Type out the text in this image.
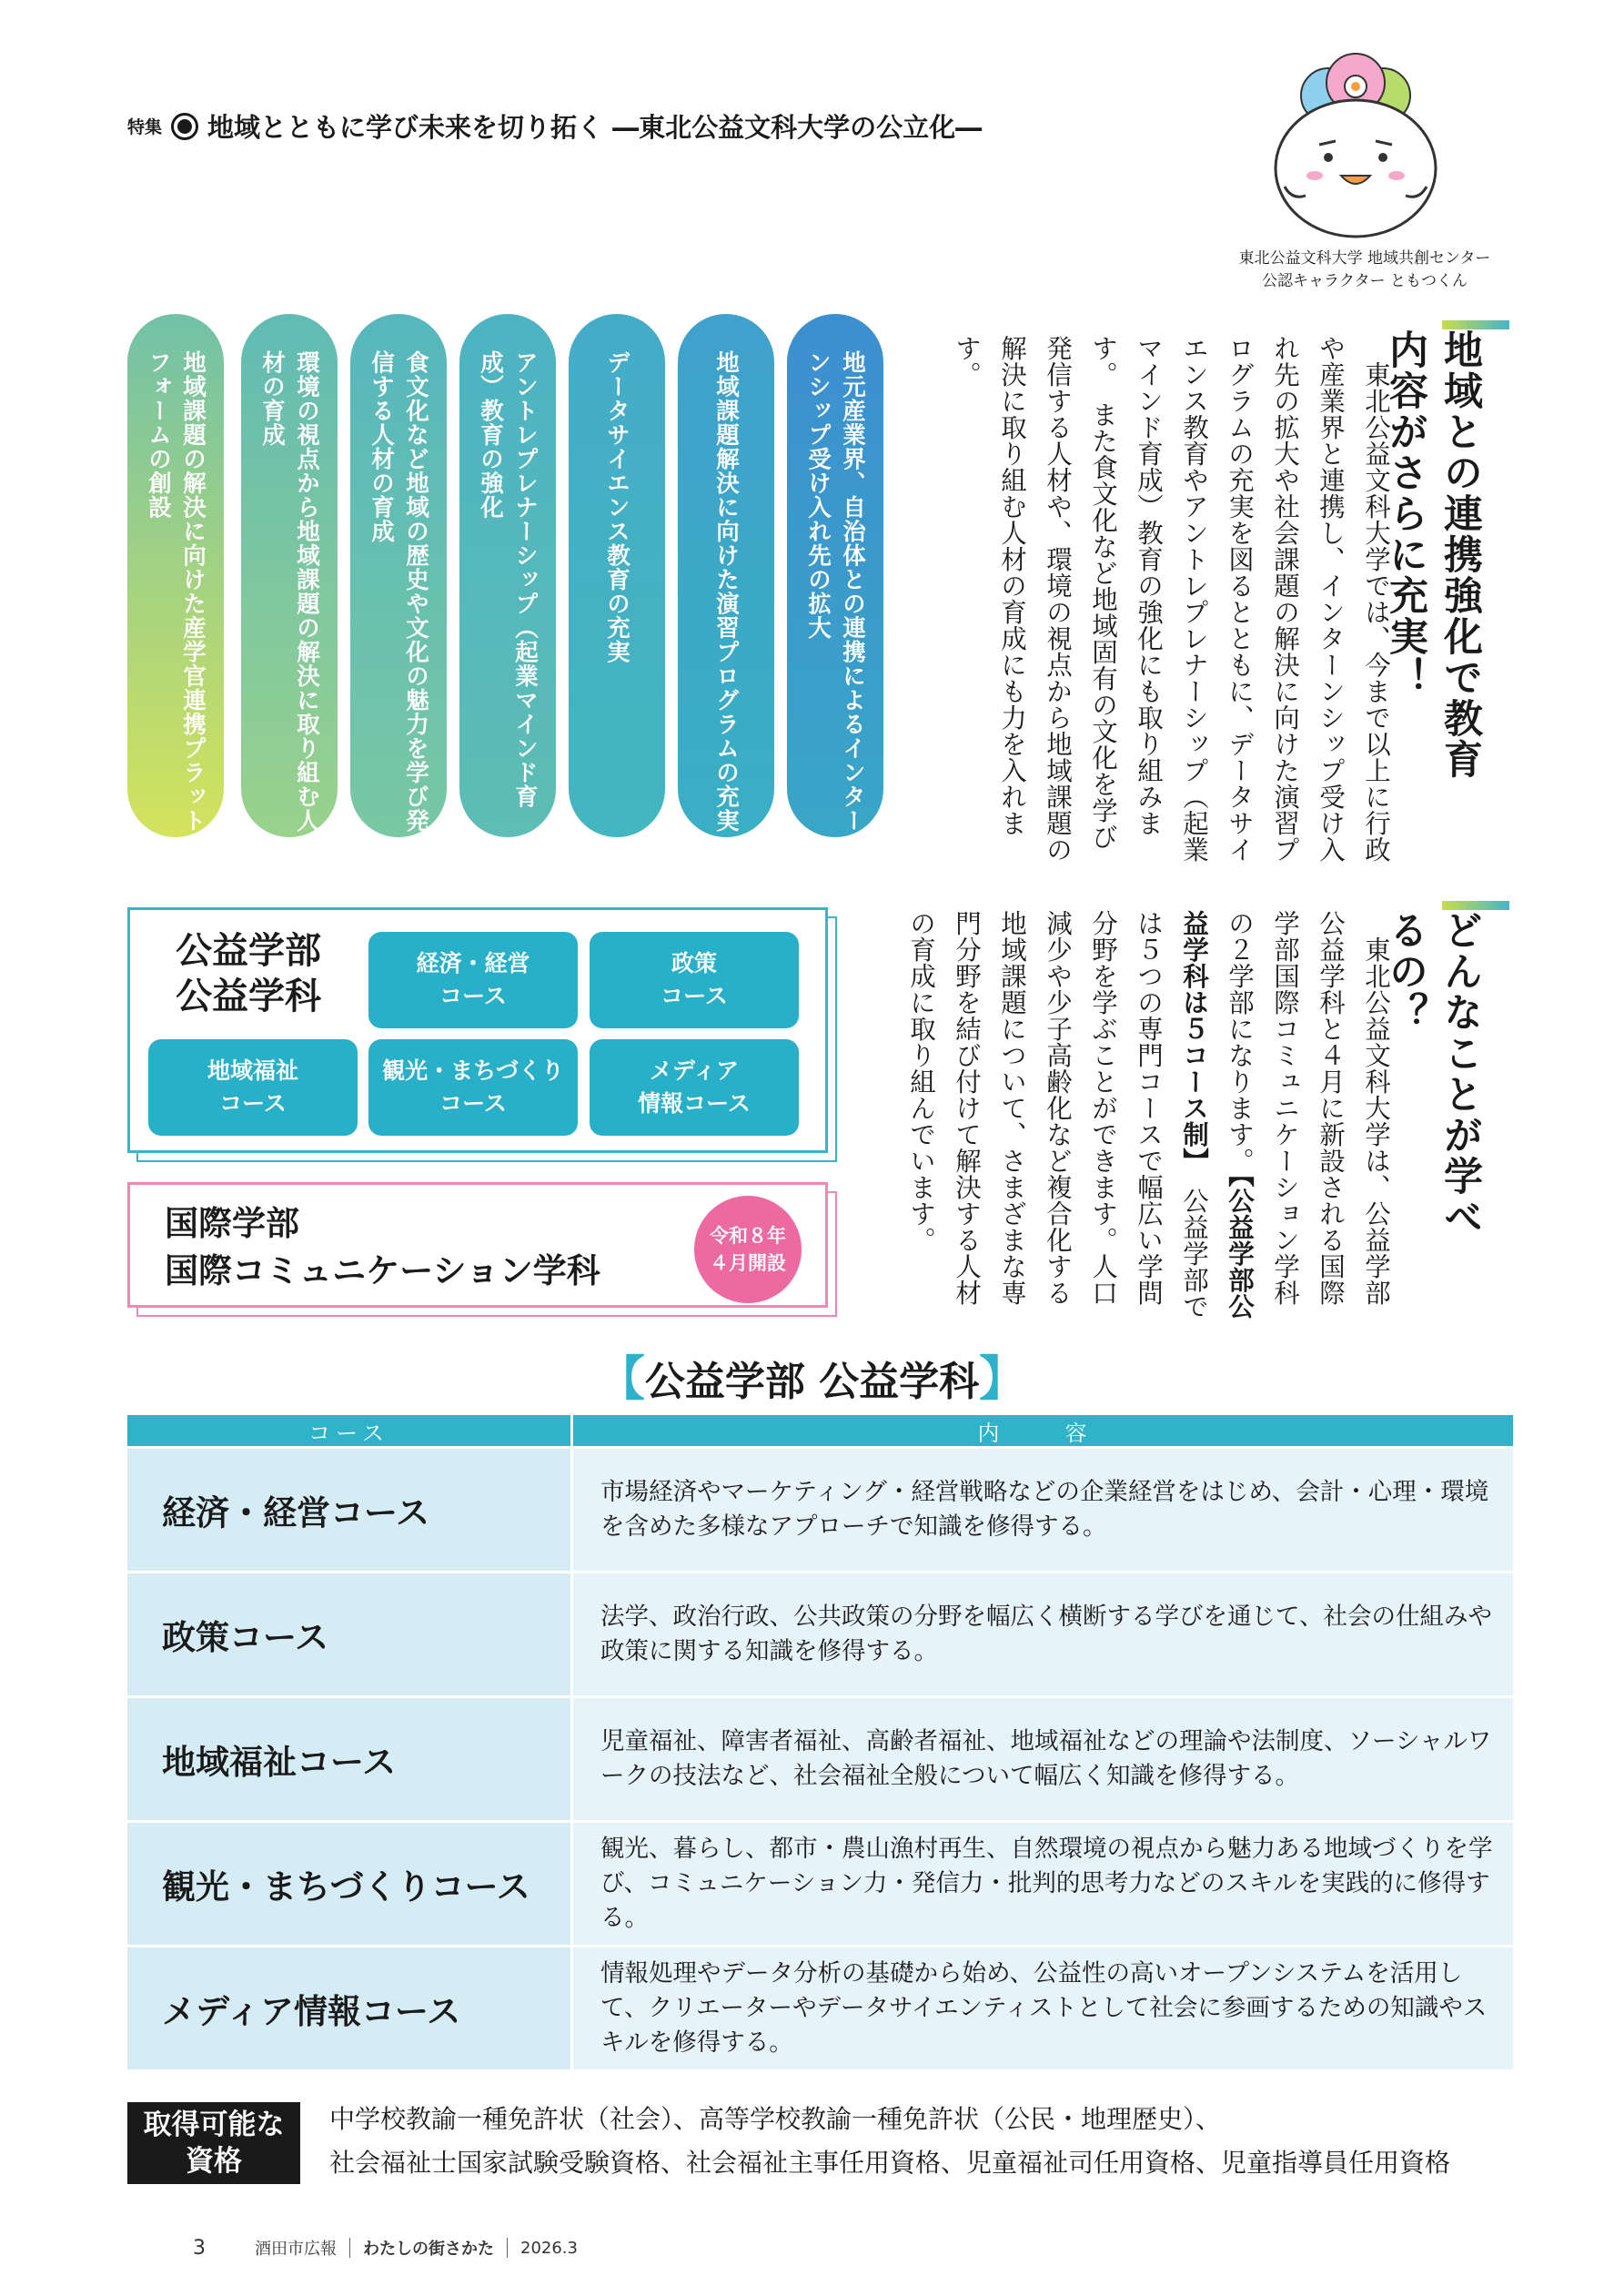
特集 地域とともに学び未来を切り拓く ―東北公益文科大学の公立化―
東北公益文科大学 地域共創センター
公認キャラクター ともつくん
地域との連携強化で教育内容がさらに充実！
　東北公益文科大学では、今まで以上に行政や産業界と連携し、インターンシップ受け入れ先の拡大や社会課題の解決に向けた演習プログラムの充実を図るとともに、データサイエンス教育やアントレプレナーシップ（起業マインド育成）教育の強化にも取り組みます。　また食文化など地域固有の文化を学び発信する人材や、環境の視点から地域課題の解決に取り組む人材の育成にも力を入れます。
地元産業界、自治体との連携によるインターンシップ受け入れ先の拡大
地域課題解決に向けた演習プログラムの充実
データサイエンス教育の充実
アントレプレナーシップ（起業マインド育成）教育の強化
食文化など地域の歴史や文化の魅力を学び発信する人材の育成
環境の視点から地域課題の解決に取り組む人材の育成
地域課題の解決に向けた産学官連携プラットフォームの創設
どんなことが学べるの？
　東北公益文科大学は、公益学部公益学科と４月に新設される国際学部国際コミュニケーション学科の２学部になります。【公益学部公益学科は５コース制】　公益学部では５つの専門コースで幅広い学問分野を学ぶことができます。人口減少や少子高齢化など複合化する地域課題について、さまざまな専門分野を結び付けて解決する人材の育成に取り組んでいます。
公益学部
公益学科
経済・経営
コース
政策
コース
地域福祉
コース
観光・まちづくり
コース
メディア
情報コース
国際学部
国際コミュニケーション学科
令和８年
４月開設
【公益学部 公益学科】
コース	内　容
経済・経営コース
市場経済やマーケティング・経営戦略などの企業経営をはじめ、会計・心理・環境を含めた多様なアプローチで知識を修得する。
政策コース
法学、政治行政、公共政策の分野を幅広く横断する学びを通じて、社会の仕組みや政策に関する知識を修得する。
地域福祉コース
児童福祉、障害者福祉、高齢者福祉、地域福祉などの理論や法制度、ソーシャルワークの技法など、社会福祉全般について幅広く知識を修得する。
観光・まちづくりコース
観光、暮らし、都市・農山漁村再生、自然環境の視点から魅力ある地域づくりを学び、コミュニケーション力・発信力・批判的思考力などのスキルを実践的に修得する。
メディア情報コース
情報処理やデータ分析の基礎から始め、公益性の高いオープンシステムを活用して、クリエーターやデータサイエンティストとして社会に参画するための知識やスキルを修得する。
取得可能な
資格
中学校教諭一種免許状（社会）、高等学校教諭一種免許状（公民・地理歴史）、
社会福祉士国家試験受験資格、社会福祉主事任用資格、児童福祉司任用資格、児童指導員任用資格
3	酒田市広報 わたしの街さかた 2026.3
